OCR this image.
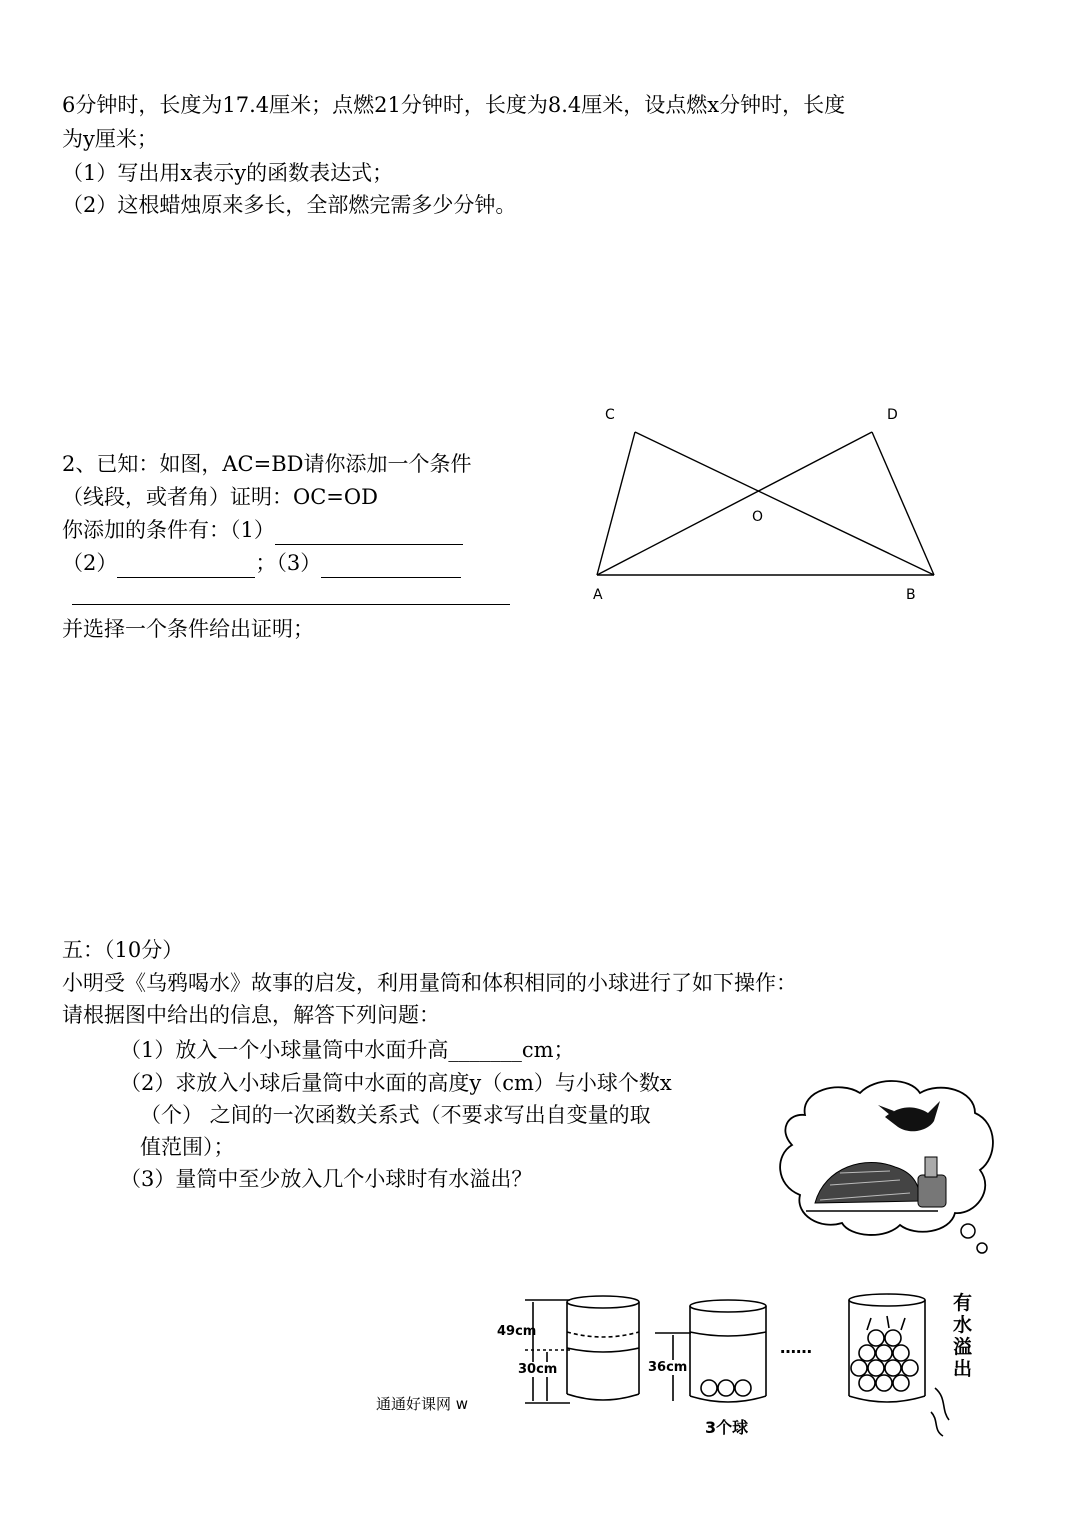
6分钟时，长度为17.4厘米；点燃21分钟时，长度为8.4厘米，设点燃x分钟时，长度
为y厘米；
（1）写出用x表示y的函数表达式；
（2）这根蜡烛原来多长，全部燃完需多少分钟。
2、已知：如图，AC=BD请你添加一个条件
（线段，或者角）证明：OC=OD
你添加的条件有：（1）
（2）	；（3）
并选择一个条件给出证明；
C	D
O
A	B
五：（10分）
小明受《乌鸦喝水》故事的启发，利用量筒和体积相同的小球进行了如下操作：
请根据图中给出的信息，解答下列问题：
（1）放入一个小球量筒中水面升高_______cm；
（2）求放入小球后量筒中水面的高度y（cm）与小球个数x
（个） 之间的一次函数关系式（不要求写出自变量的取
值范围）；
（3）量筒中至少放入几个小球时有水溢出？
49cm
30cm	36cm
3个球
……
有
水
溢
出
通通好课网 w
